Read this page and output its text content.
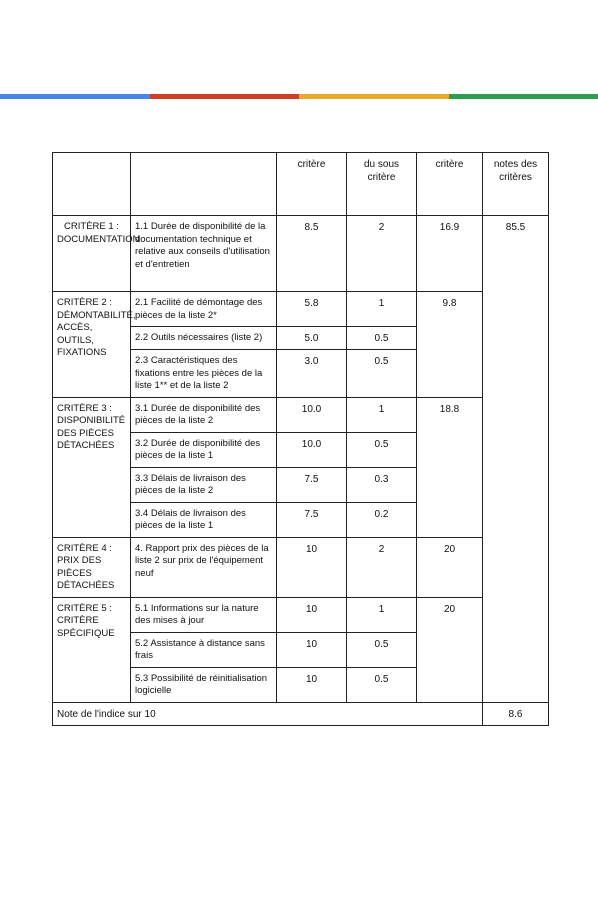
		critère	du sous critère	critère	notes des critères
CRITÈRE 1 : DOCUMENTATION	1.1 Durée de disponibilité de la documentation technique et relative aux conseils d'utilisation et d'entretien	8.5	2	16.9	85.5
CRITÈRE 2 : DÉMONTABILITÉ, ACCÈS, OUTILS, FIXATIONS	2.1 Facilité de démontage des pièces de la liste 2*	5.8	1	9.8	
	2.2 Outils nécessaires (liste 2)	5.0	0.5		
	2.3 Caractéristiques des fixations entre les pièces de la liste 1** et de la liste 2	3.0	0.5		
CRITÈRE 3 : DISPONIBILITÉ DES PIÈCES DÉTACHÉES	3.1 Durée de disponibilité des pièces de la liste 2	10.0	1	18.8	
	3.2 Durée de disponibilité des pièces de la liste 1	10.0	0.5		
	3.3 Délais de livraison des pièces de la liste 2	7.5	0.3		
	3.4 Délais de livraison des pièces de la liste 1	7.5	0.2		
CRITÈRE 4 : PRIX DES PIÈCES DÉTACHÉES	4. Rapport prix des pièces de la liste 2 sur prix de l'équipement neuf	10	2	20	
CRITÈRE 5 : CRITÈRE SPÉCIFIQUE	5.1 Informations sur la nature des mises à jour	10	1	20	
	5.2 Assistance à distance sans frais	10	0.5		
	5.3 Possibilité de réinitialisation logicielle	10	0.5		
Note de l'indice sur 10					8.6
